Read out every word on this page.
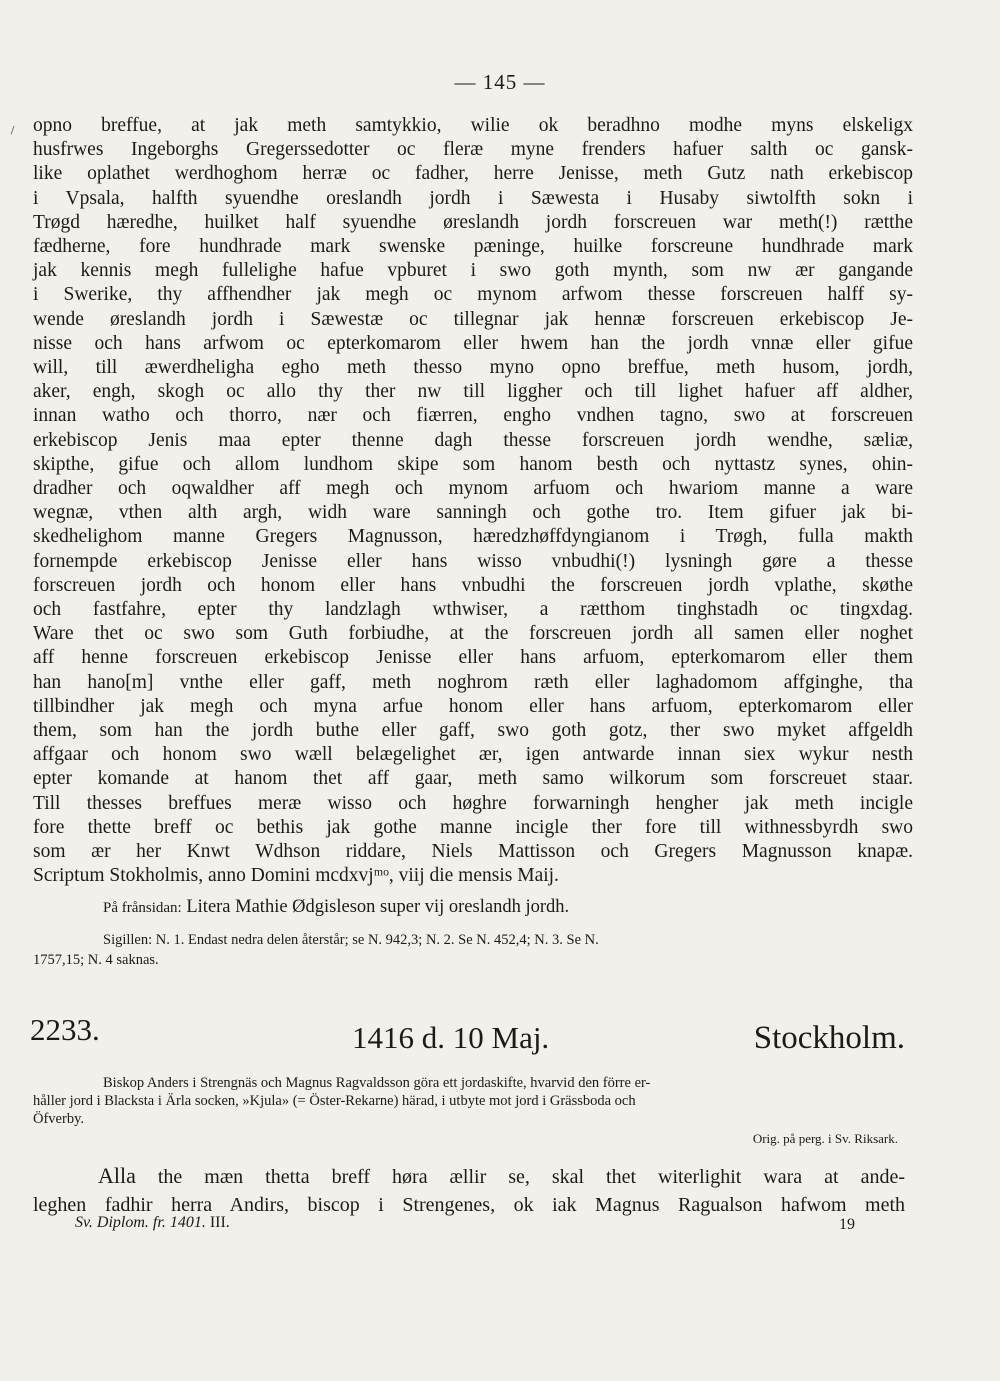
— 145 —
opno breffue, at jak meth samtykkio, wilie ok beradhno modhe myns elskeligx
husfrwes Ingeborghs Gregerssedotter oc fleræ myne frenders hafuer salth oc gansk-
like oplathet werdhoghom herræ oc fadher, herre Jenisse, meth Gutz nath erkebiscop
i Vpsala, halfth syuendhe oreslandh jordh i Sæwesta i Husaby siwtolfth sokn i
Trøgd hæredhe, huilket half syuendhe øreslandh jordh forscreuen war meth(!) rætthe
fædherne, fore hundhrade mark swenske pæninge, huilke forscreune hundhrade mark
jak kennis megh fullelighe hafue vpburet i swo goth mynth, som nw ær gangande
i Swerike, thy affhendher jak megh oc mynom arfwom thesse forscreuen halff sy-
wende øreslandh jordh i Sæwestæ oc tillegnar jak hennæ forscreuen erkebiscop Je-
nisse och hans arfwom oc epterkomarom eller hwem han the jordh vnnæ eller gifue
will, till æwerdheligha egho meth thesso myno opno breffue, meth husom, jordh,
aker, engh, skogh oc allo thy ther nw till liggher och till lighet hafuer aff aldher,
innan watho och thorro, nær och fiærren, engho vndhen tagno, swo at forscreuen
erkebiscop Jenis maa epter thenne dagh thesse forscreuen jordh wendhe, sæliæ,
skipthe, gifue och allom lundhom skipe som hanom besth och nyttastz synes, ohin-
dradher och oqwaldher aff megh och mynom arfuom och hwariom manne a ware
wegnæ, vthen alth argh, widh ware sanningh och gothe tro. Item gifuer jak bi-
skedhelighom manne Gregers Magnusson, hæredzhøffdyngianom i Trøgh, fulla makth
fornempde erkebiscop Jenisse eller hans wisso vnbudhi(!) lysningh gøre a thesse
forscreuen jordh och honom eller hans vnbudhi the forscreuen jordh vplathe, skøthe
och fastfahre, epter thy landzlagh wthwiser, a rætthom tinghstadh oc tingxdag.
Ware thet oc swo som Guth forbiudhe, at the forscreuen jordh all samen eller noghet
aff henne forscreuen erkebiscop Jenisse eller hans arfuom, epterkomarom eller them
han hano[m] vnthe eller gaff, meth noghrom ræth eller laghadomom affginghe, tha
tillbindher jak megh och myna arfue honom eller hans arfuom, epterkomarom eller
them, som han the jordh buthe eller gaff, swo goth gotz, ther swo myket affgeldh
affgaar och honom swo wæll belægelighet ær, igen antwarde innan siex wykur nesth
epter komande at hanom thet aff gaar, meth samo wilkorum som forscreuet staar.
Till thesses breffues meræ wisso och høghre forwarningh hengher jak meth incigle
fore thette breff oc bethis jak gothe manne incigle ther fore till withnessbyrdh swo
som ær her Knwt Wdhson riddare, Niels Mattisson och Gregers Magnusson knapæ.
Scriptum Stokholmis, anno Domini mcdxvjᵐᵒ, viij die mensis Maij.
På frånsidan: Litera Mathie Ødgisleson super vij oreslandh jordh.
Sigillen: N. 1. Endast nedra delen återstår; se N. 942,3; N. 2. Se N. 452,4; N. 3. Se N.
1757,15; N. 4 saknas.
2233.	1416 d. 10 Maj.	Stockholm.
Biskop Anders i Strengnäs och Magnus Ragvaldsson göra ett jordaskifte, hvarvid den förre er-
håller jord i Blacksta i Ärla socken, »Kjula» (= Öster-Rekarne) härad, i utbyte mot jord i Grässboda och
Öfverby.
Orig. på perg. i Sv. Riksark.
Alla the mæn thetta breff høra ællir se, skal thet witerlighit wara at ande-
leghen fadhir herra Andirs, biscop i Strengenes, ok iak Magnus Ragualson hafwom meth
Sv. Diplom. fr. 1401. III.	19
